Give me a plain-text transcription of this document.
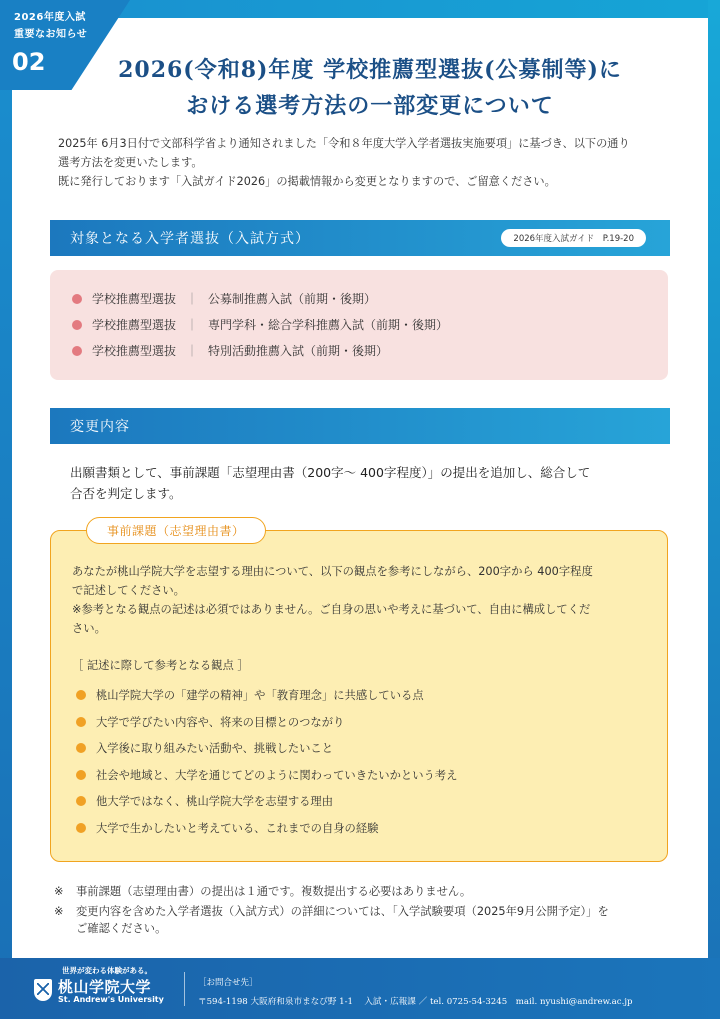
2026年度入試
重要なお知らせ
02	2026(令和8)年度 学校推薦型選抜(公募制等)に
おける選考方法の一部変更について
2025年 6月3日付で文部科学省より通知されました「令和８年度大学入学者選抜実施要項」に基づき、以下の通り
選考方法を変更いたします。
既に発行しております「入試ガイド2026」の掲載情報から変更となりますので、ご留意ください。
対象となる入学者選抜（入試方式）	2026年度入試ガイド　P.19-20
学校推薦型選抜 ｜ 公募制推薦入試（前期・後期）
学校推薦型選抜 ｜ 専門学科・総合学科推薦入試（前期・後期）
学校推薦型選抜 ｜ 特別活動推薦入試（前期・後期）
変更内容
出願書類として、事前課題「志望理由書（200字～ 400字程度）」の提出を追加し、総合して
合否を判定します。
事前課題（志望理由書）
あなたが桃山学院大学を志望する理由について、以下の観点を参考にしながら、200字から 400字程度
で記述してください。
※参考となる観点の記述は必須ではありません。ご自身の思いや考えに基づいて、自由に構成してくだ
さい。
［ 記述に際して参考となる観点 ］
桃山学院大学の「建学の精神」や「教育理念」に共感している点
大学で学びたい内容や、将来の目標とのつながり
入学後に取り組みたい活動や、挑戦したいこと
社会や地域と、大学を通じてどのように関わっていきたいかという考え
他大学ではなく、桃山学院大学を志望する理由
大学で生かしたいと考えている、これまでの自身の経験
※	事前課題（志望理由書）の提出は１通です。複数提出する必要はありません。
※	変更内容を含めた入学者選抜（入試方式）の詳細については、「入学試験要項（2025年9月公開予定）」を
ご確認ください。
世界が変わる体験がある。
桃山学院大学
St. Andrew's University
［お問合せ先］
〒594-1198 大阪府和泉市まなび野 1-1　 入試・広報課 ／ tel. 0725-54-3245　mail. nyushi@andrew.ac.jp
